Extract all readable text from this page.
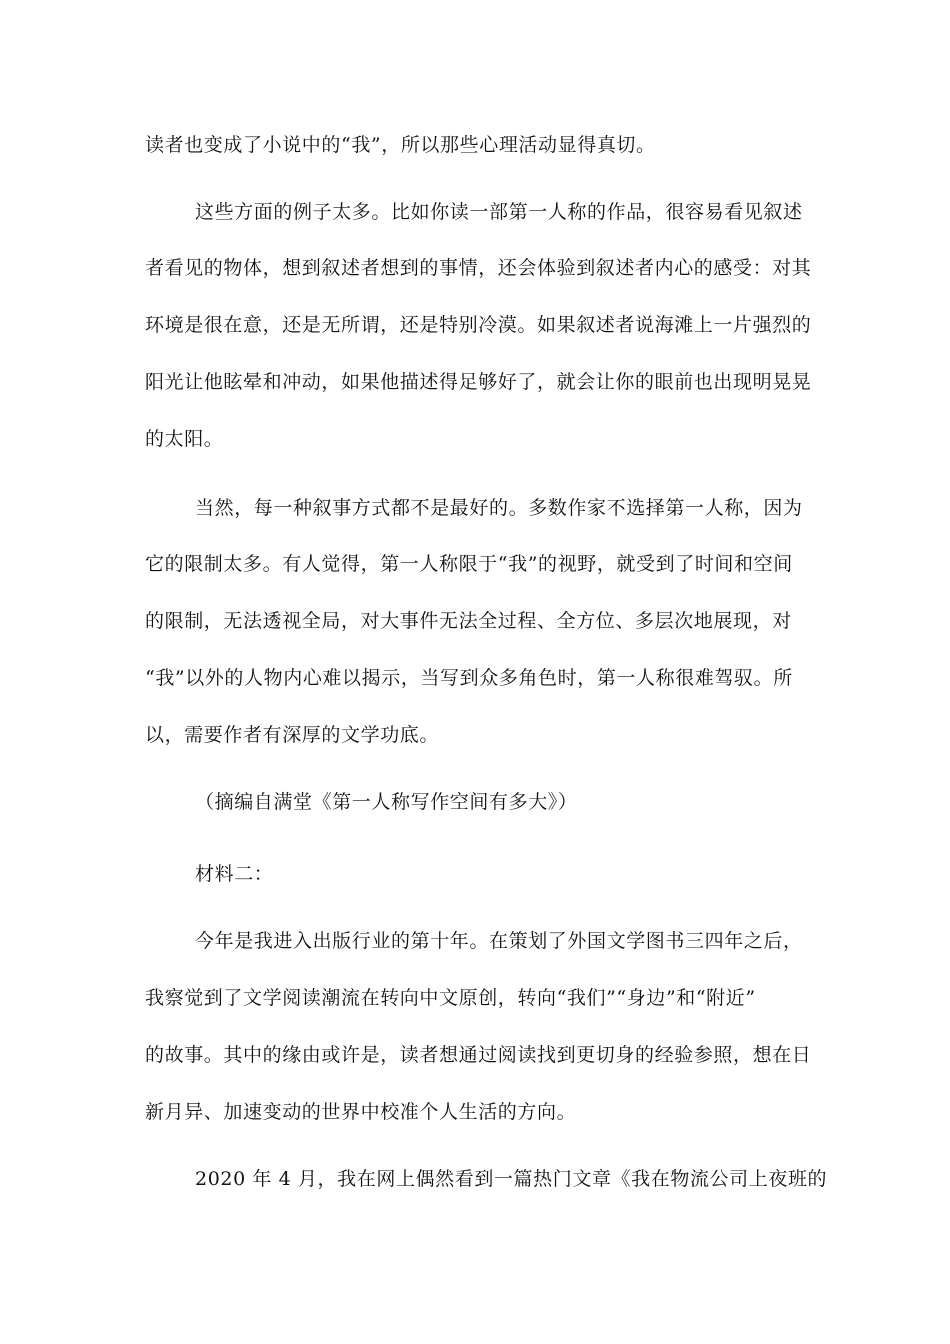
读者也变成了小说中的“我”，所以那些心理活动显得真切。
这些方面的例子太多。比如你读一部第一人称的作品，很容易看见叙述
者看见的物体，想到叙述者想到的事情，还会体验到叙述者内心的感受：对其
环境是很在意，还是无所谓，还是特别冷漠。如果叙述者说海滩上一片强烈的
阳光让他眩晕和冲动，如果他描述得足够好了，就会让你的眼前也出现明晃晃
的太阳。
当然，每一种叙事方式都不是最好的。多数作家不选择第一人称，因为
它的限制太多。有人觉得，第一人称限于“我”的视野，就受到了时间和空间
的限制，无法透视全局，对大事件无法全过程、全方位、多层次地展现，对
“我”以外的人物内心难以揭示，当写到众多角色时，第一人称很难驾驭。所
以，需要作者有深厚的文学功底。
（摘编自满堂《第一人称写作空间有多大》）
材料二：
今年是我进入出版行业的第十年。在策划了外国文学图书三四年之后，
我察觉到了文学阅读潮流在转向中文原创，转向“我们”“身边”和“附近”
的故事。其中的缘由或许是，读者想通过阅读找到更切身的经验参照，想在日
新月异、加速变动的世界中校准个人生活的方向。
2020 年 4 月，我在网上偶然看到一篇热门文章《我在物流公司上夜班的
